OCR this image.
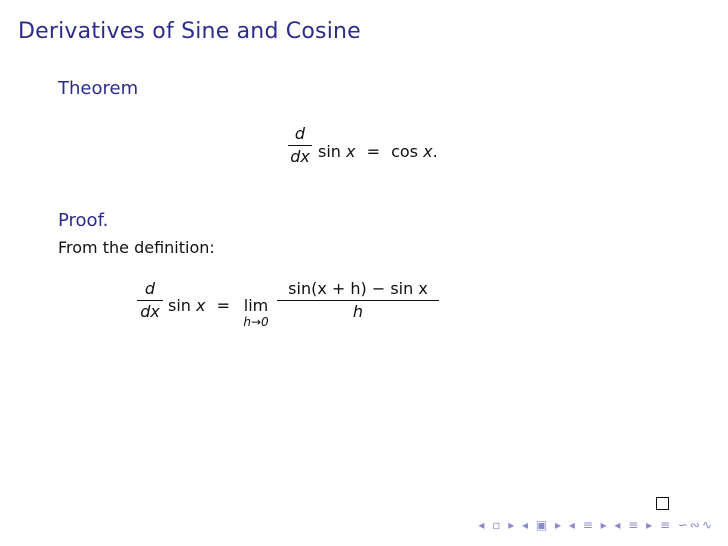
Derivatives of Sine and Cosine
Theorem
d
dx sin x = cos x.
Proof.
From the definition:
d
dx sin x = lim
h→0
sin(x + h) − sin x
h
◂ ▫ ▸ ◂ ▣ ▸ ◂ ≡ ▸ ◂ ≡ ▸ ≡ ∽∾∿
